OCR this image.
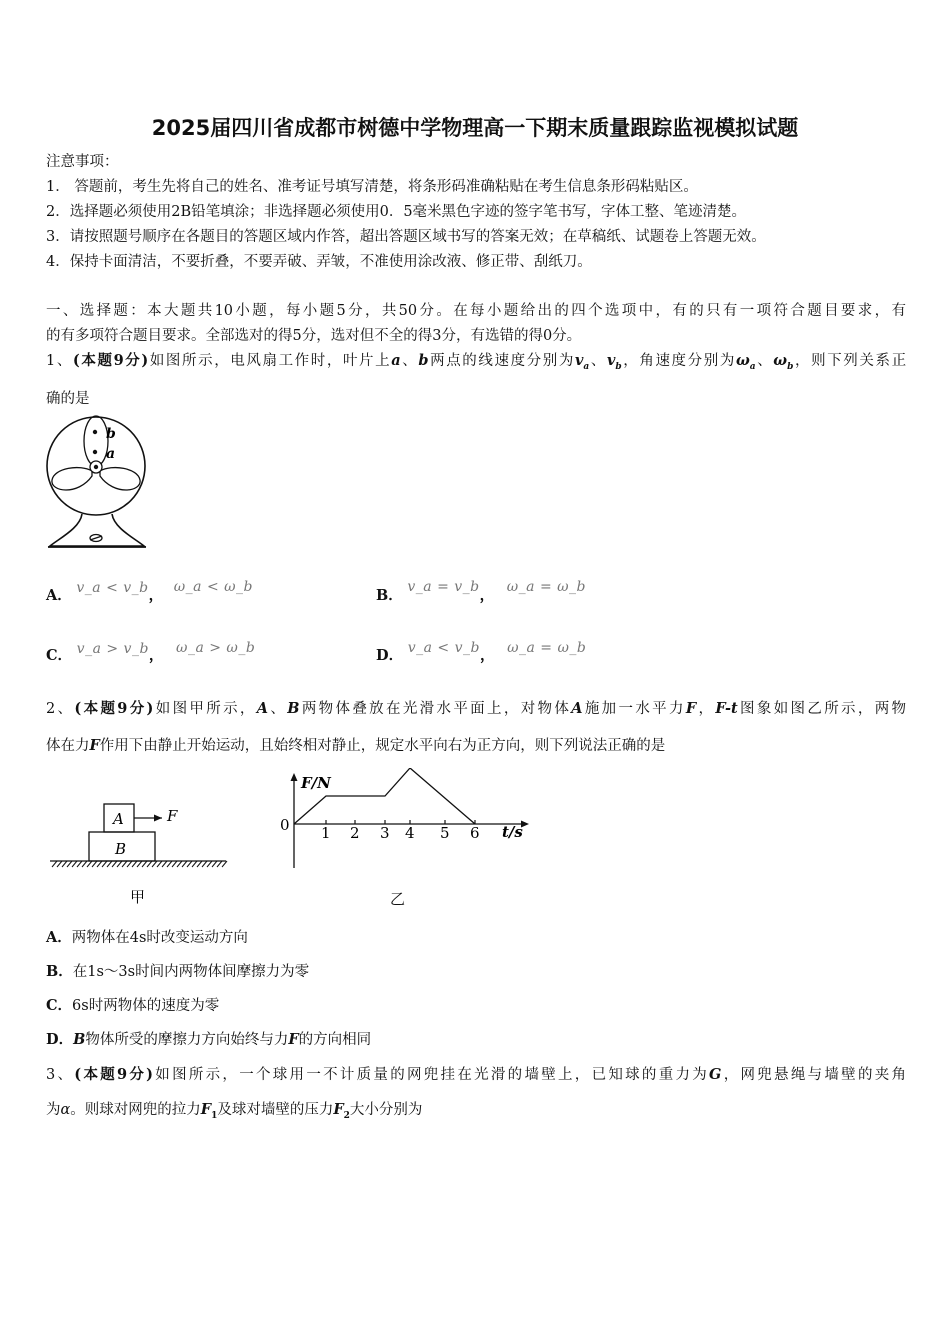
2025届四川省成都市树德中学物理高一下期末质量跟踪监视模拟试题
注意事项：
1． 答题前，考生先将自己的姓名、准考证号填写清楚，将条形码准确粘贴在考生信息条形码粘贴区。
2．选择题必须使用2B铅笔填涂；非选择题必须使用0．5毫米黑色字迹的签字笔书写，字体工整、笔迹清楚。
3．请按照题号顺序在各题目的答题区域内作答，超出答题区域书写的答案无效；在草稿纸、试题卷上答题无效。
4．保持卡面清洁，不要折叠，不要弄破、弄皱，不准使用涂改液、修正带、刮纸刀。
一、选择题：本大题共10小题，每小题5分，共50分。在每小题给出的四个选项中，有的只有一项符合题目要求，有
的有多项符合题目要求。全部选对的得5分，选对但不全的得3分，有选错的得0分。
1、(本题9分)如图所示，电风扇工作时，叶片上a、b两点的线速度分别为$v_a$、$v_b$，角速度分别为$\omega_a$、$\omega_b$，则下列关系正
确的是
b
a
A． v_a < v_b， ω_a < ω_b	B． v_a = v_b， ω_a = ω_b
C． v_a > v_b， ω_a > ω_b	D． v_a < v_b， ω_a = ω_b
2、(本题9分)如图甲所示，A、B两物体叠放在光滑水平面上，对物体A施加一水平力F，F-t图象如图乙所示，两物
体在力F作用下由静止开始运动，且始终相对静止，规定水平向右为正方向，则下列说法正确的是
A
B
F
甲
F/N
0	t/s
1 2 3 4 5 6
乙
A．两物体在4s时改变运动方向
B．在1s～3s时间内两物体间摩擦力为零
C．6s时两物体的速度为零
D．B物体所受的摩擦力方向始终与力F的方向相同
3、(本题9分)如图所示，一个球用一不计质量的网兜挂在光滑的墙壁上，已知球的重力为G，网兜悬绳与墙壁的夹角
为α。则球对网兜的拉力$F_1$及球对墙壁的压力$F_2$大小分别为
